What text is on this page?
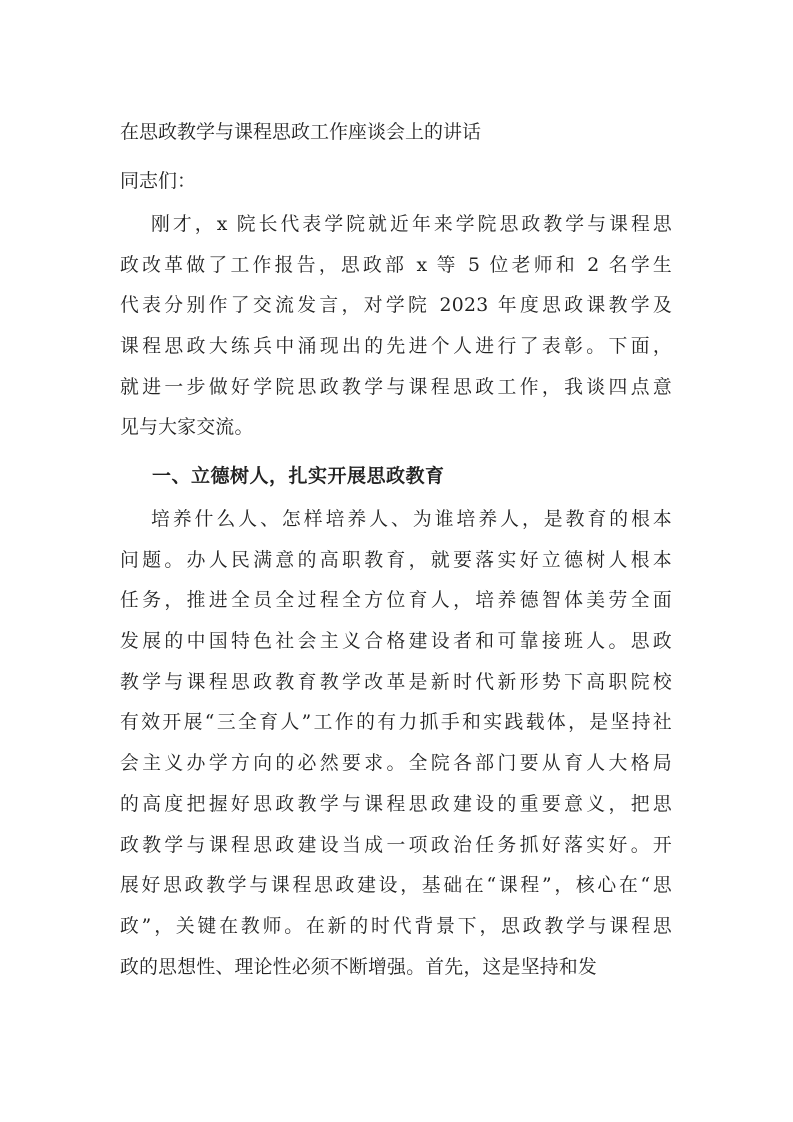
在思政教学与课程思政工作座谈会上的讲话
同志们：
刚才，x 院长代表学院就近年来学院思政教学与课程思
政改革做了工作报告，思政部 x 等 5 位老师和 2 名学生
代表分别作了交流发言，对学院 2023 年度思政课教学及
课程思政大练兵中涌现出的先进个人进行了表彰。下面，
就进一步做好学院思政教学与课程思政工作，我谈四点意
见与大家交流。
一、立德树人，扎实开展思政教育
培养什么人、怎样培养人、为谁培养人，是教育的根本
问题。办人民满意的高职教育，就要落实好立德树人根本
任务，推进全员全过程全方位育人，培养德智体美劳全面
发展的中国特色社会主义合格建设者和可靠接班人。思政
教学与课程思政教育教学改革是新时代新形势下高职院校
有效开展“三全育人”工作的有力抓手和实践载体，是坚持社
会主义办学方向的必然要求。全院各部门要从育人大格局
的高度把握好思政教学与课程思政建设的重要意义，把思
政教学与课程思政建设当成一项政治任务抓好落实好。开
展好思政教学与课程思政建设，基础在“课程”，核心在“思
政”，关键在教师。在新的时代背景下，思政教学与课程思
政的思想性、理论性必须不断增强。首先，这是坚持和发
